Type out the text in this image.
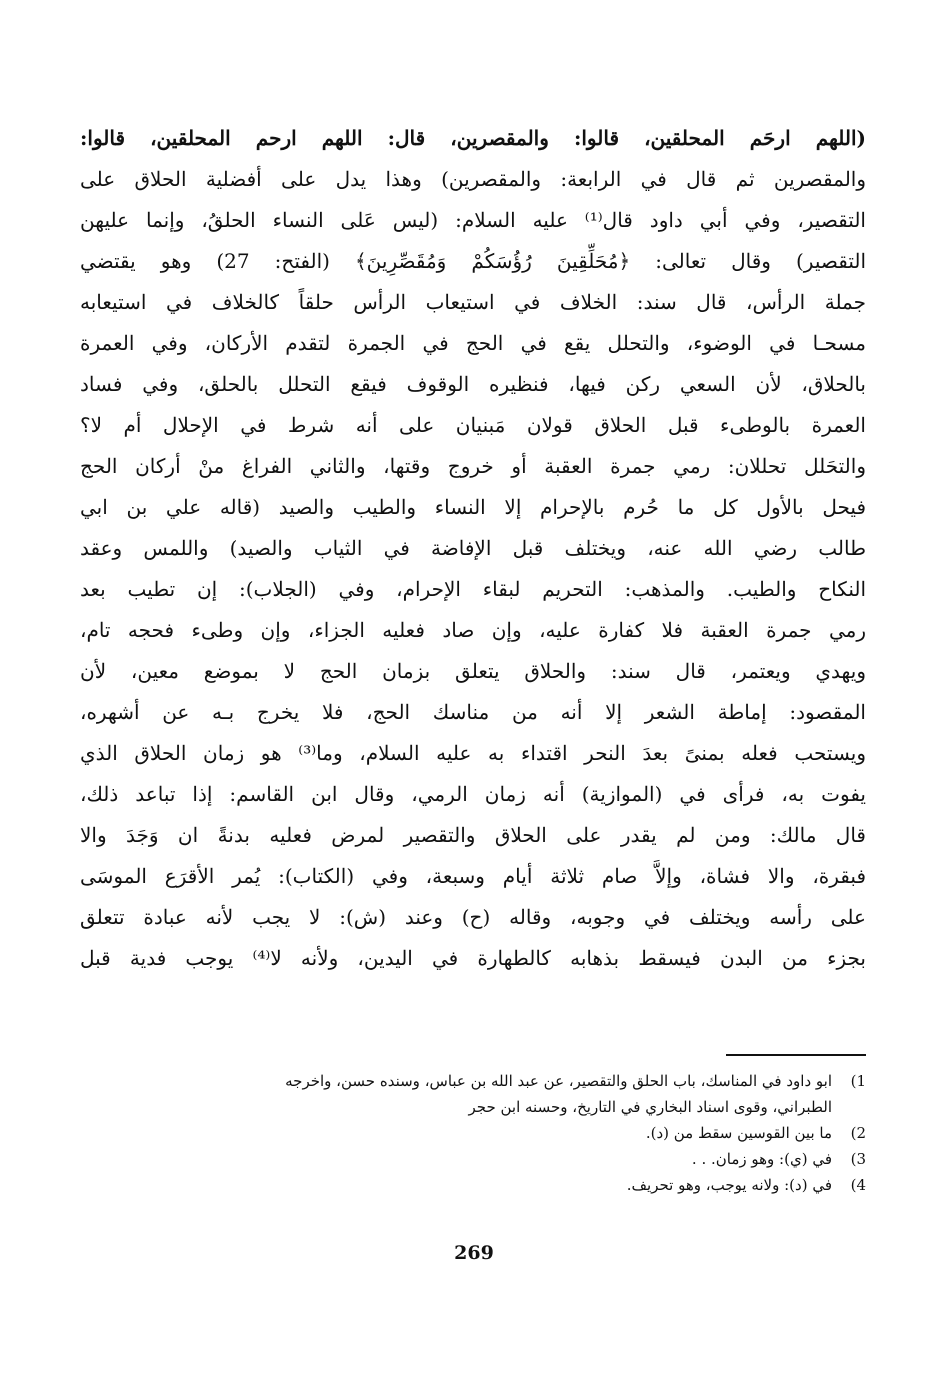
(اللهم ارحَم المحلقين، قالوا: والمقصرين، قال: اللهم ارحم المحلقين، قالوا:
والمقصرين ثم قال في الرابعة: والمقصرين) وهذا يدل على أفضلية الحلاق على
التقصير، وفي أبي داود قال⁽¹⁾ عليه السلام: (ليس عَلى النساء الحلقُ، وإنما عليهن
التقصير) وقال تعالى: ﴿مُحَلِّقِينَ رُؤُسَكُمْ وَمُقَصِّرِينَ﴾ (الفتح: 27) وهو يقتضي
جملة الرأس، قال سند: الخلاف في استيعاب الرأس حلقاً كالخلاف في استيعابه
مسحـا في الوضوء، والتحلل يقع في الحج في الجمرة لتقدم الأركان، وفي العمرة
بالحلاق، لأن السعي ركن فيها، فنظيره الوقوف فيقع التحلل بالحلق، وفي فساد
العمرة بالوطىء قبل الحلاق قولان مَبنيان على أنه شرط في الإحلال أم لا؟
والتحَلل تحللان: رمي جمرة العقبة أو خروج وقتها، والثاني الفراغ منْ أركان الحج
فيحل بالأول كل ما حُرم بالإحرام إلا النساء والطيب والصيد (قاله علي بن ابي
طالب رضي الله عنه، ويختلف قبل الإفاضة في الثياب والصيد) واللمس وعقد
النكاح والطيب. والمذهب: التحريم لبقاء الإحرام، وفي (الجلاب): إن تطيب بعد
رمي جمرة العقبة فلا كفارة عليه، وإن صاد فعليه الجزاء، وإن وطىء فحجه تام،
ويهدي ويعتمر، قال سند: والحلاق يتعلق بزمان الحج لا بموضع معين، لأن
المقصود: إماطة الشعر إلا أنه من مناسك الحج، فلا يخرج بـه عن أشهره،
ويستحب فعله بمنىً بعدَ النحر اقتداء به عليه السلام، وما⁽³⁾ هو زمان الحلاق الذي
يفوت به، فرأى في (الموازية) أنه زمان الرمي، وقال ابن القاسم: إذا تباعد ذلك،
قال مالك: ومن لم يقدر على الحلاق والتقصير لمرض فعليه بدنةً ان وَجَدَ والا
فبقرة، والا فشاة، وإلاَّ صام ثلاثة أيام وسبعة، وفي (الكتاب): يُمر الأقرَع الموسَى
على رأسه ويختلف في وجوبه، وقاله (ح) وعند (ش): لا يجب لأنه عبادة تتعلق
بجزء من البدن فيسقط بذهابه كالطهارة في اليدين، ولأنه لا⁽⁴⁾ يوجب فدية قبل
(1
ابو داود في المناسك، باب الحلق والتقصير، عن عبد الله بن عباس، وسنده حسن، واخرجه
الطبراني، وقوى اسناد البخاري في التاريخ، وحسنه ابن حجر
(2
ما بين القوسين سقط من (د).
(3
في (ي): وهو زمان. . .
(4
في (د): ولانه يوجب، وهو تحريف.
269
